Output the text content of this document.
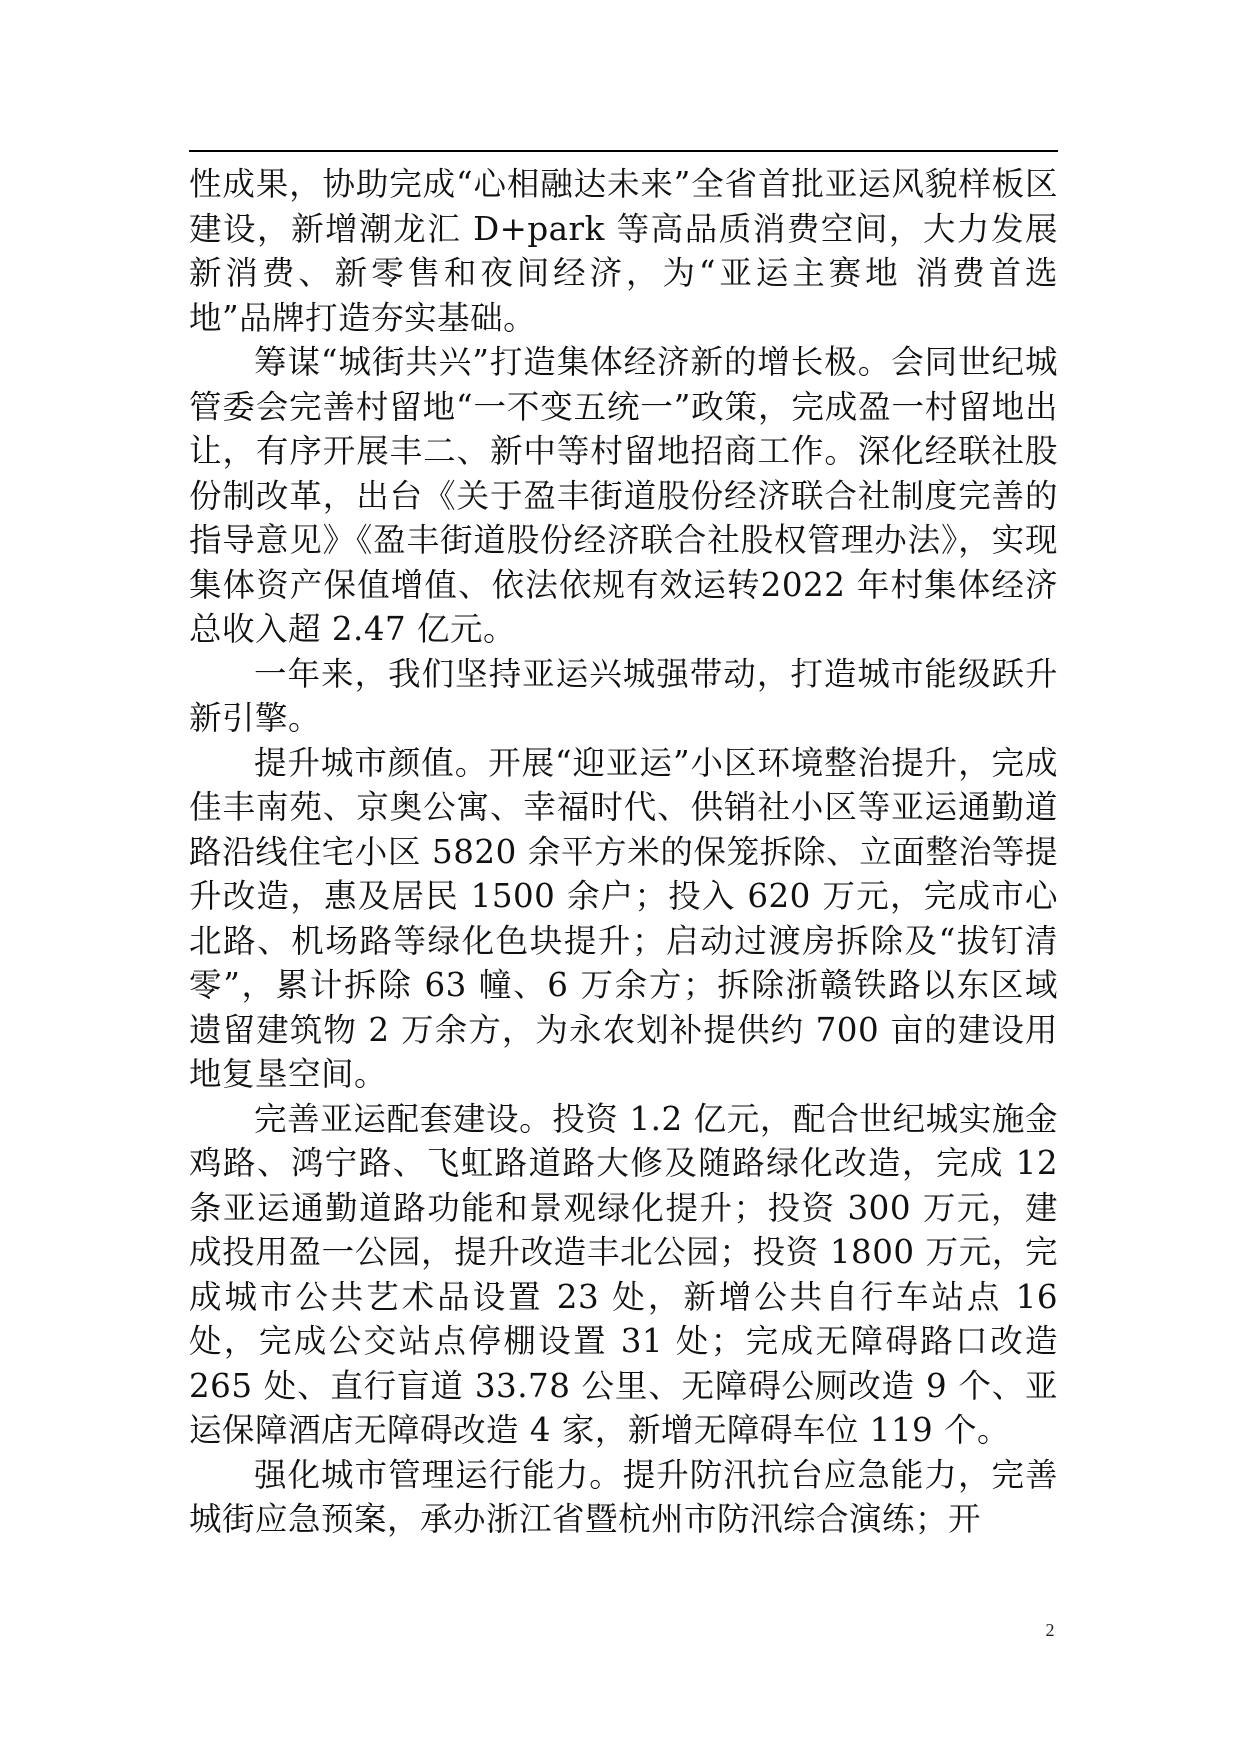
性成果，协助完成“心相融达未来”全省首批亚运风貌样板区建设，新增潮龙汇 D+park 等高品质消费空间，大力发展新消费、新零售和夜间经济，为“亚运主赛地 消费首选地”品牌打造夯实基础。

筹谋“城街共兴”打造集体经济新的增长极。会同世纪城管委会完善村留地“一不变五统一”政策，完成盈一村留地出让，有序开展丰二、新中等村留地招商工作。深化经联社股份制改革，出台《关于盈丰街道股份经济联合社制度完善的指导意见》《盈丰街道股份经济联合社股权管理办法》，实现集体资产保值增值、依法依规有效运转2022 年村集体经济总收入超 2.47 亿元。

一年来，我们坚持亚运兴城强带动，打造城市能级跃升新引擎。

提升城市颜值。开展“迎亚运”小区环境整治提升，完成佳丰南苑、京奥公寓、幸福时代、供销社小区等亚运通勤道路沿线住宅小区 5820 余平方米的保笼拆除、立面整治等提升改造，惠及居民 1500 余户；投入 620 万元，完成市心北路、机场路等绿化色块提升；启动过渡房拆除及“拔钉清零”，累计拆除 63 幢、6 万余方；拆除浙赣铁路以东区域遗留建筑物 2 万余方，为永农划补提供约 700 亩的建设用地复垦空间。

完善亚运配套建设。投资 1.2 亿元，配合世纪城实施金鸡路、鸿宁路、飞虹路道路大修及随路绿化改造，完成 12 条亚运通勤道路功能和景观绿化提升；投资 300 万元，建成投用盈一公园，提升改造丰北公园；投资 1800 万元，完成城市公共艺术品设置 23 处，新增公共自行车站点 16 处，完成公交站点停棚设置 31 处；完成无障碍路口改造 265 处、直行盲道 33.78 公里、无障碍公厕改造 9 个、亚运保障酒店无障碍改造 4 家，新增无障碍车位 119 个。

强化城市管理运行能力。提升防汛抗台应急能力，完善城街应急预案，承办浙江省暨杭州市防汛综合演练；开

2
